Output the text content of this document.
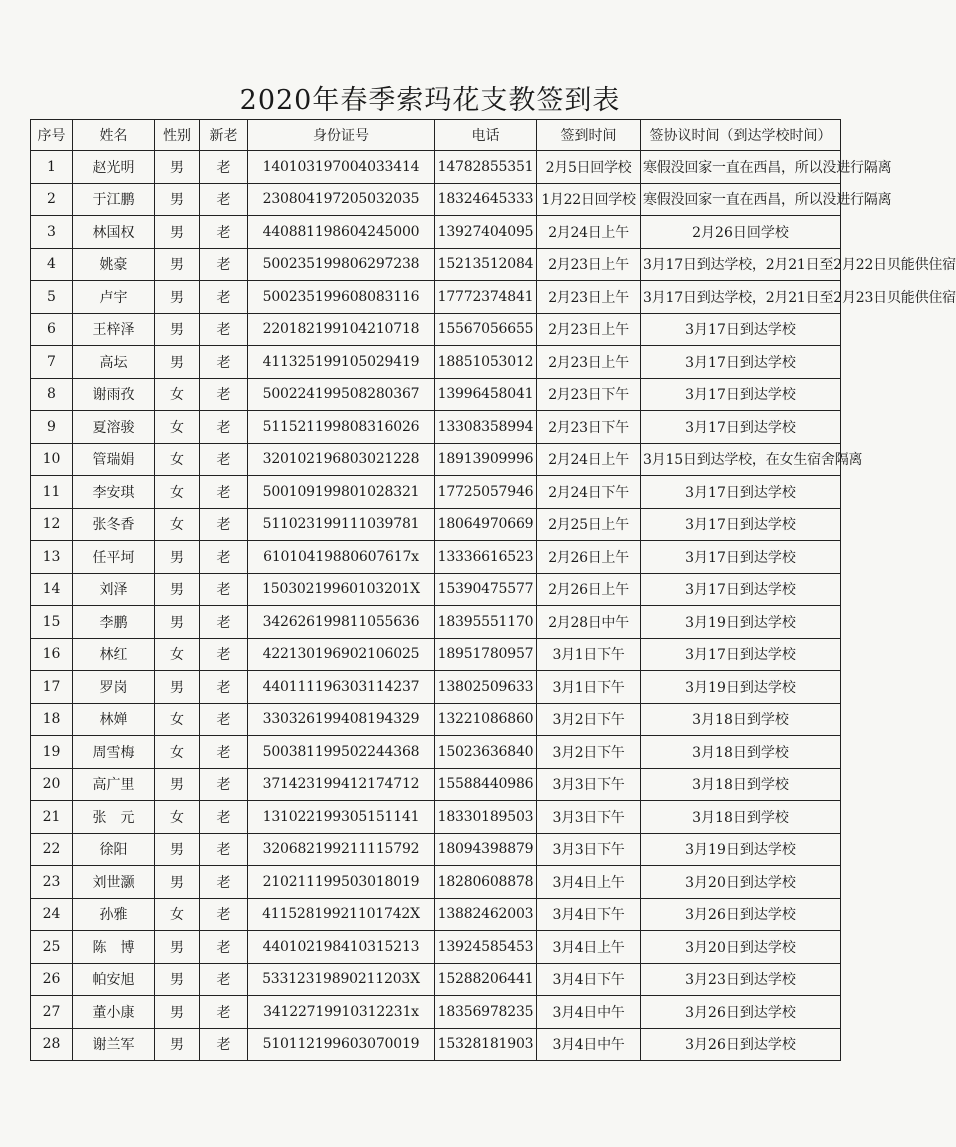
2020年春季索玛花支教签到表
序号	姓名	性别	新老	身份证号	电话	签到时间	签协议时间（到达学校时间）
1	赵光明	男	老	140103197004033414	14782855351	2月5日回学校	寒假没回家一直在西昌，所以没进行隔离
2	于江鹏	男	老	230804197205032035	18324645333	1月22日回学校	寒假没回家一直在西昌，所以没进行隔离
3	林国权	男	老	440881198604245000	13927404095	2月24日上午	2月26日回学校
4	姚豪	男	老	500235199806297238	15213512084	2月23日上午	3月17日到达学校，2月21日至2月22日贝能供住宿
5	卢宇	男	老	500235199608083116	17772374841	2月23日上午	3月17日到达学校，2月21日至2月23日贝能供住宿
6	王梓泽	男	老	220182199104210718	15567056655	2月23日上午	3月17日到达学校
7	高坛	男	老	411325199105029419	18851053012	2月23日上午	3月17日到达学校
8	谢雨孜	女	老	500224199508280367	13996458041	2月23日下午	3月17日到达学校
9	夏溶骏	女	老	511521199808316026	13308358994	2月23日下午	3月17日到达学校
10	管瑞娟	女	老	320102196803021228	18913909996	2月24日上午	3月15日到达学校，在女生宿舍隔离
11	李安琪	女	老	500109199801028321	17725057946	2月24日下午	3月17日到达学校
12	张冬香	女	老	511023199111039781	18064970669	2月25日上午	3月17日到达学校
13	任平坷	男	老	61010419880607617x	13336616523	2月26日上午	3月17日到达学校
14	刘泽	男	老	15030219960103201X	15390475577	2月26日上午	3月17日到达学校
15	李鹏	男	老	342626199811055636	18395551170	2月28日中午	3月19日到达学校
16	林红	女	老	422130196902106025	18951780957	3月1日下午	3月17日到达学校
17	罗岗	男	老	440111196303114237	13802509633	3月1日下午	3月19日到达学校
18	林婵	女	老	330326199408194329	13221086860	3月2日下午	3月18日到学校
19	周雪梅	女	老	500381199502244368	15023636840	3月2日下午	3月18日到学校
20	高广里	男	老	371423199412174712	15588440986	3月3日下午	3月18日到学校
21	张　元	女	老	131022199305151141	18330189503	3月3日下午	3月18日到学校
22	徐阳	男	老	320682199211115792	18094398879	3月3日下午	3月19日到达学校
23	刘世灏	男	老	210211199503018019	18280608878	3月4日上午	3月20日到达学校
24	孙雅	女	老	41152819921101742X	13882462003	3月4日下午	3月26日到达学校
25	陈　博	男	老	440102198410315213	13924585453	3月4日上午	3月20日到达学校
26	帕安旭	男	老	53312319890211203X	15288206441	3月4日下午	3月23日到达学校
27	董小康	男	老	34122719910312231x	18356978235	3月4日中午	3月26日到达学校
28	谢兰军	男	老	510112199603070019	15328181903	3月4日中午	3月26日到达学校
